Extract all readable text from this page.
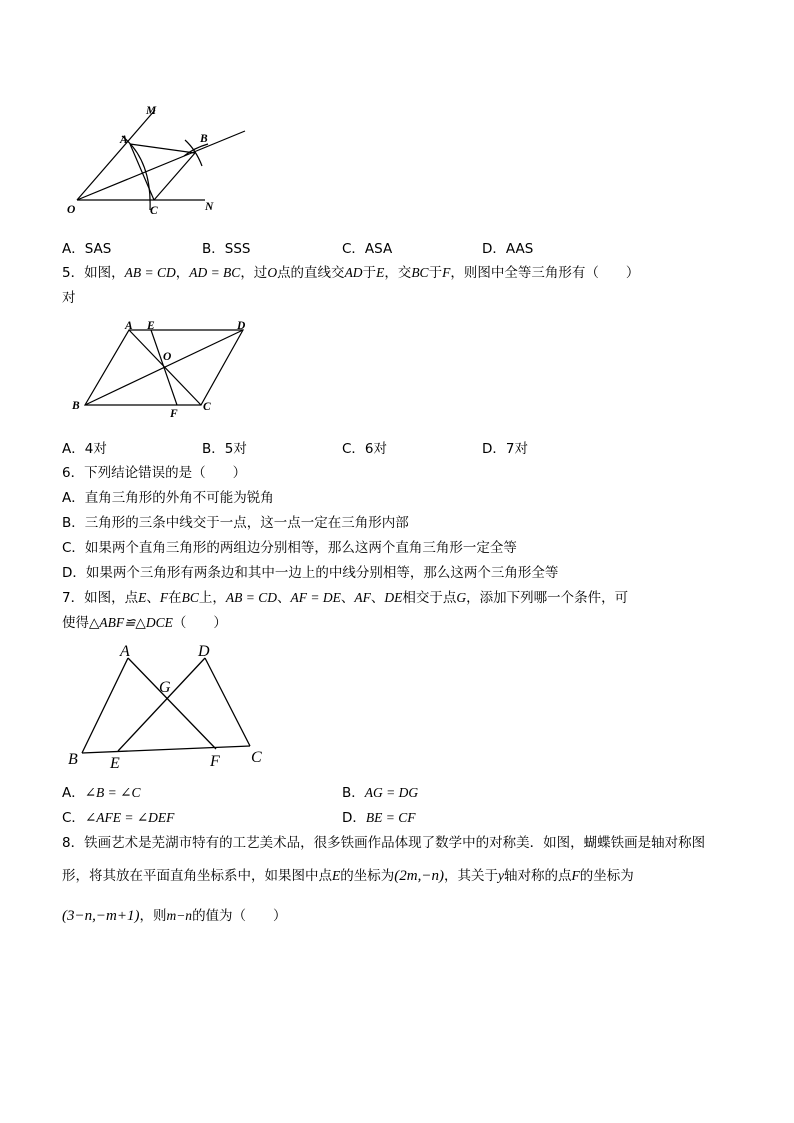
M
A	B
O	C	N
A．SAS	B．SSS	C．ASA	D．AAS
5．如图，AB = CD，AD = BC，过O点的直线交AD于E，交BC于F，则图中全等三角形有（　　）
对
A E	D
O
B
F
C
A．4对	B．5对	C．6对	D．7对
6．下列结论错误的是（　　）
A．直角三角形的外角不可能为锐角
B．三角形的三条中线交于一点，这一点一定在三角形内部
C．如果两个直角三角形的两组边分别相等，那么这两个直角三角形一定全等
D．如果两个三角形有两条边和其中一边上的中线分别相等，那么这两个三角形全等
7．如图，点E、F在BC上，AB = CD、AF = DE、AF、DE相交于点G，添加下列哪一个条件，可
使得△ABF≌△DCE（　　）
A	D
G
B E	F C
A．∠B = ∠C	B．AG = DG
C．∠AFE = ∠DEF	D．BE = CF
8．铁画艺术是芜湖市特有的工艺美术品，很多铁画作品体现了数学中的对称美．如图，蝴蝶铁画是轴对称图
形，将其放在平面直角坐标系中，如果图中点E的坐标为(2m,−n)，其关于y轴对称的点F的坐标为
(3−n,−m+1)，则m−n的值为（　　）
